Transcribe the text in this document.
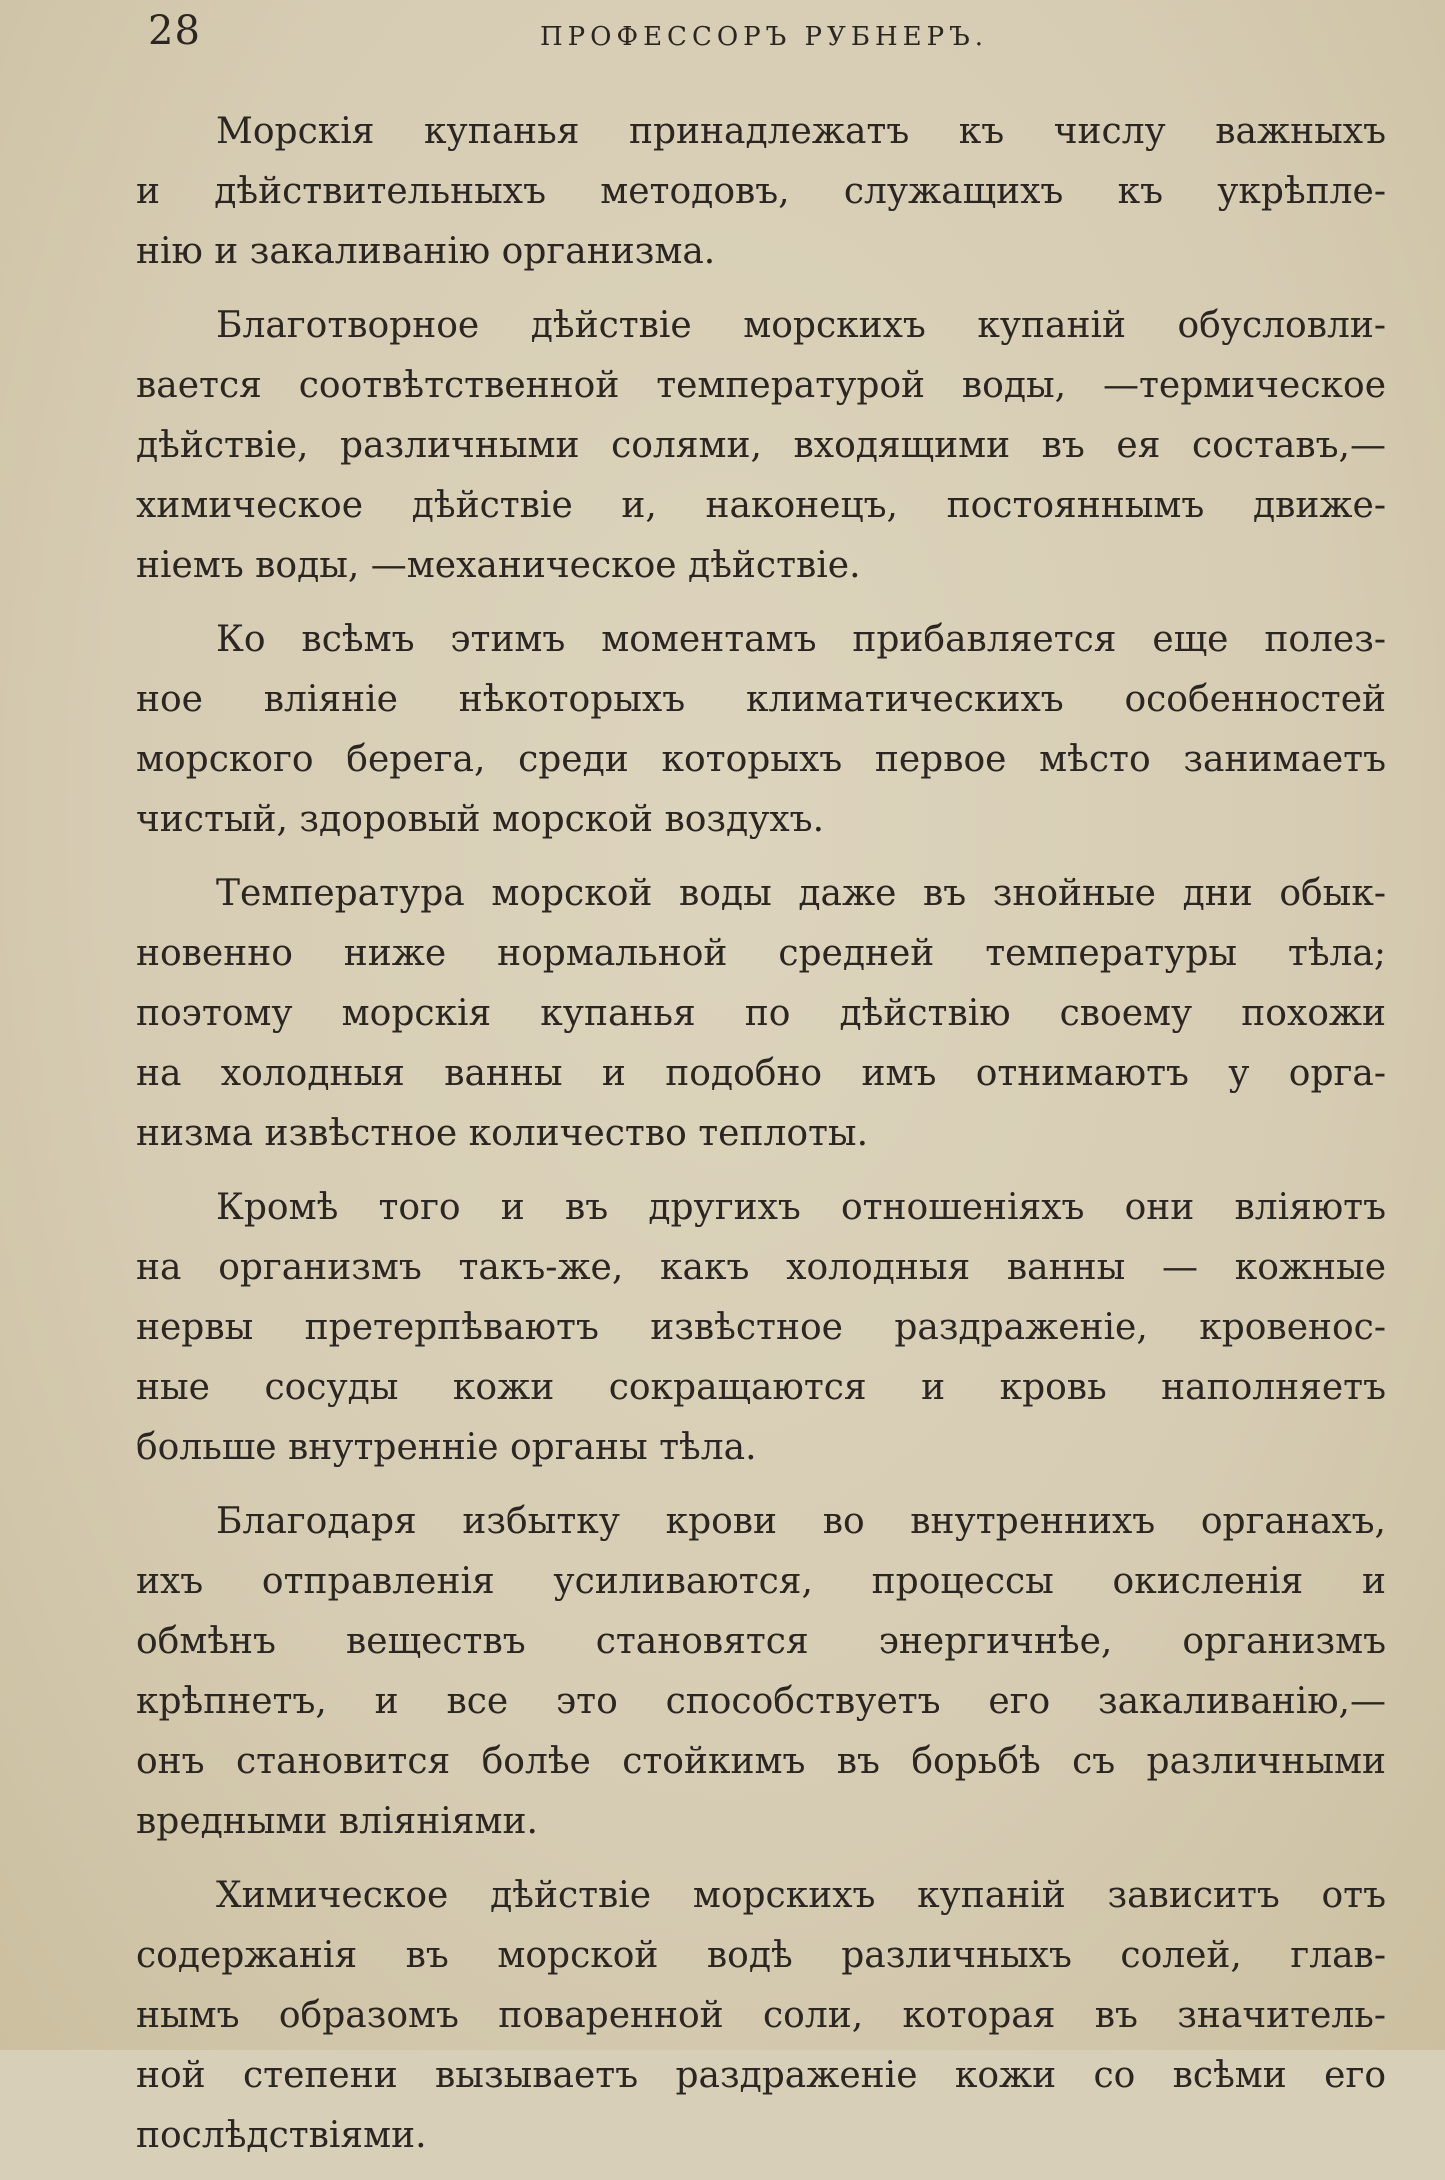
28	ПРОФЕССОРЪ РУБНЕРЪ.
Морскія купанья принадлежатъ къ числу важныхъ
и дѣйствительныхъ методовъ, служащихъ къ укрѣпле-
нію и закаливанію организма.
Благотворное дѣйствіе морскихъ купаній обусловли-
вается соотвѣтственной температурой воды, —термическое
дѣйствіе, различными солями, входящими въ ея составъ,—
химическое дѣйствіе и, наконецъ, постояннымъ движе-
ніемъ воды, —механическое дѣйствіе.
Ко всѣмъ этимъ моментамъ прибавляется еще полез-
ное вліяніе нѣкоторыхъ климатическихъ особенностей
морского берега, среди которыхъ первое мѣсто занимаетъ
чистый, здоровый морской воздухъ.
Температура морской воды даже въ знойные дни обык-
новенно ниже нормальной средней температуры тѣла;
поэтому морскія купанья по дѣйствію своему похожи
на холодныя ванны и подобно имъ отнимаютъ у орга-
низма извѣстное количество теплоты.
Кромѣ того и въ другихъ отношеніяхъ они вліяютъ
на организмъ такъ-же, какъ холодныя ванны — кожные
нервы претерпѣваютъ извѣстное раздраженіе, кровенос-
ные сосуды кожи сокращаются и кровь наполняетъ
больше внутренніе органы тѣла.
Благодаря избытку крови во внутреннихъ органахъ,
ихъ отправленія усиливаются, процессы окисленія и
обмѣнъ веществъ становятся энергичнѣе, организмъ
крѣпнетъ, и все это способствуетъ его закаливанію,—
онъ становится болѣе стойкимъ въ борьбѣ съ различными
вредными вліяніями.
Химическое дѣйствіе морскихъ купаній зависитъ отъ
содержанія въ морской водѣ различныхъ солей, глав-
нымъ образомъ поваренной соли, которая въ значитель-
ной степени вызываетъ раздраженіе кожи со всѣми его
послѣдствіями.
